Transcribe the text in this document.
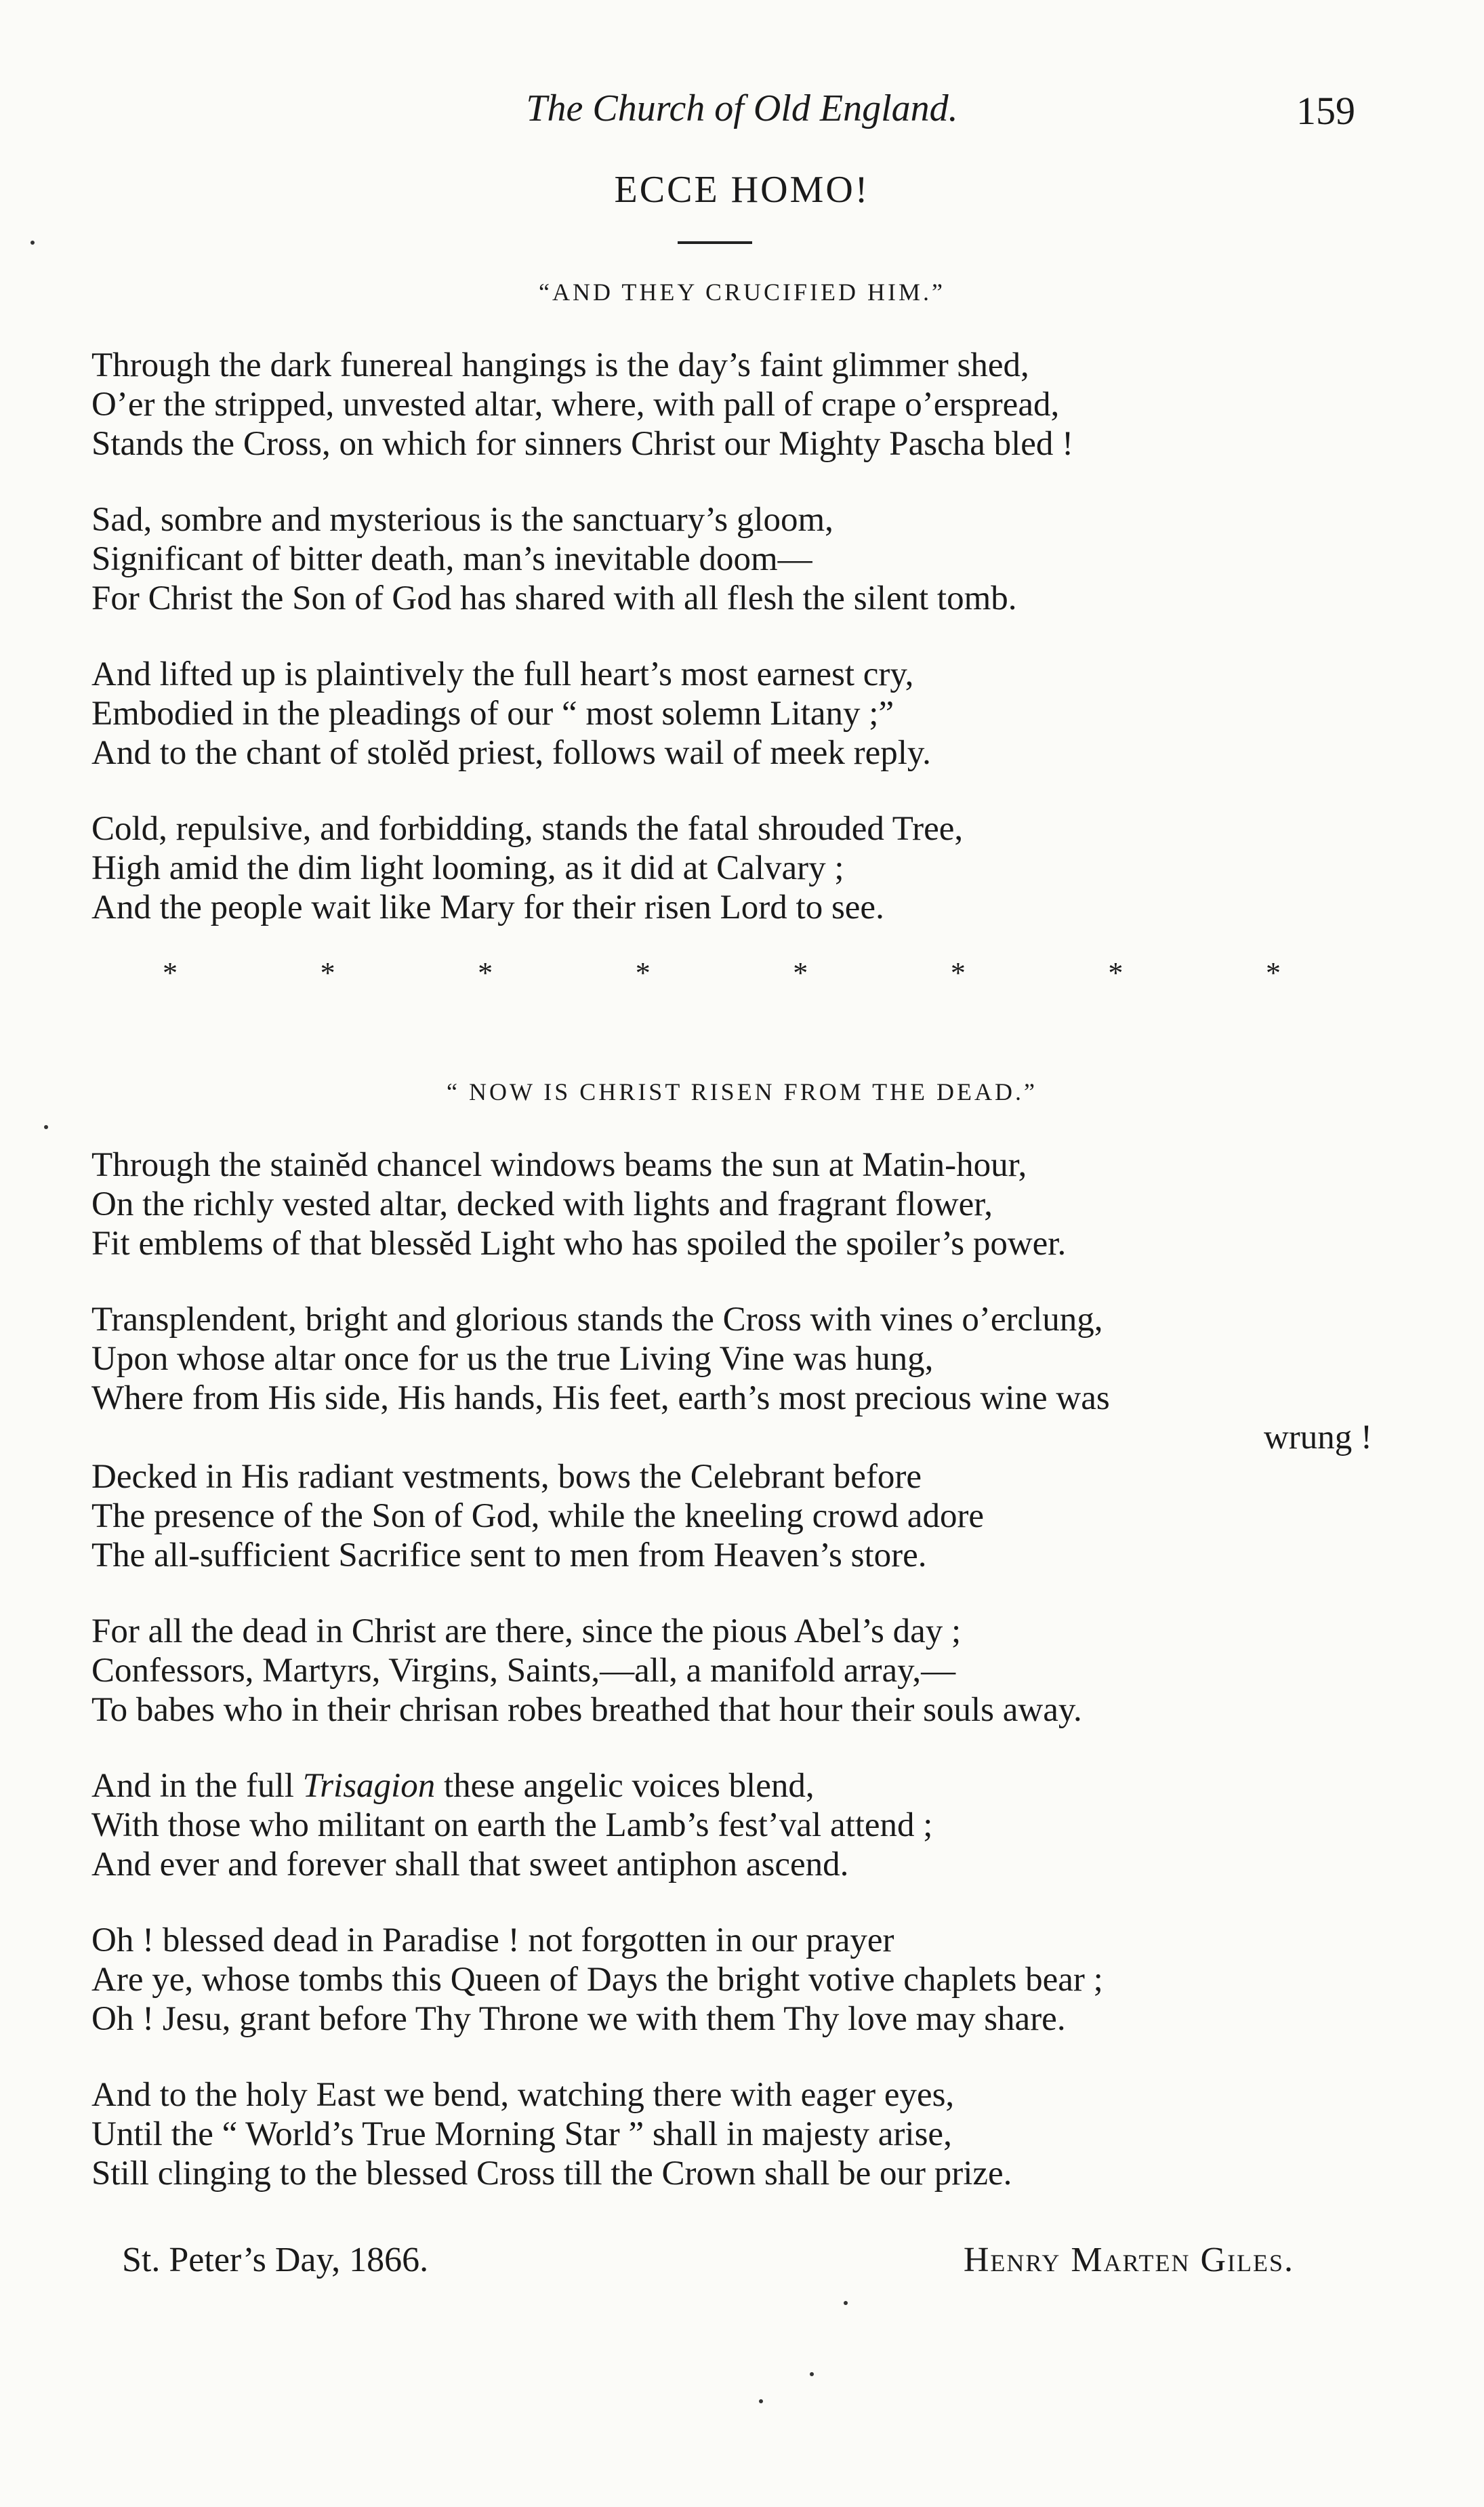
The Church of Old England.	159
ECCE HOMO!
“AND THEY CRUCIFIED HIM.”
Through the dark funereal hangings is the day’s faint glimmer shed,
O’er the stripped, unvested altar, where, with pall of crape o’erspread,
Stands the Cross, on which for sinners Christ our Mighty Pascha bled !
Sad, sombre and mysterious is the sanctuary’s gloom,
Significant of bitter death, man’s inevitable doom—
For Christ the Son of God has shared with all flesh the silent tomb.
And lifted up is plaintively the full heart’s most earnest cry,
Embodied in the pleadings of our “ most solemn Litany ;”
And to the chant of stolĕd priest, follows wail of meek reply.
Cold, repulsive, and forbidding, stands the fatal shrouded Tree,
High amid the dim light looming, as it did at Calvary ;
And the people wait like Mary for their risen Lord to see.
*	*	*	*	*	*	*	*
“ NOW IS CHRIST RISEN FROM THE DEAD.”
Through the stainĕd chancel windows beams the sun at Matin-hour,
On the richly vested altar, decked with lights and fragrant flower,
Fit emblems of that blessĕd Light who has spoiled the spoiler’s power.
Transplendent, bright and glorious stands the Cross with vines o’erclung,
Upon whose altar once for us the true Living Vine was hung,
Where from His side, His hands, His feet, earth’s most precious wine was
wrung !
Decked in His radiant vestments, bows the Celebrant before
The presence of the Son of God, while the kneeling crowd adore
The all-sufficient Sacrifice sent to men from Heaven’s store.
For all the dead in Christ are there, since the pious Abel’s day ;
Confessors, Martyrs, Virgins, Saints,—all, a manifold array,—
To babes who in their chrisan robes breathed that hour their souls away.
And in the full Trisagion these angelic voices blend,
With those who militant on earth the Lamb’s fest’val attend ;
And ever and forever shall that sweet antiphon ascend.
Oh ! blessed dead in Paradise ! not forgotten in our prayer
Are ye, whose tombs this Queen of Days the bright votive chaplets bear ;
Oh ! Jesu, grant before Thy Throne we with them Thy love may share.
And to the holy East we bend, watching there with eager eyes,
Until the “ World’s True Morning Star ” shall in majesty arise,
Still clinging to the blessed Cross till the Crown shall be our prize.
St. Peter’s Day, 1866.	Henry Marten Giles.
